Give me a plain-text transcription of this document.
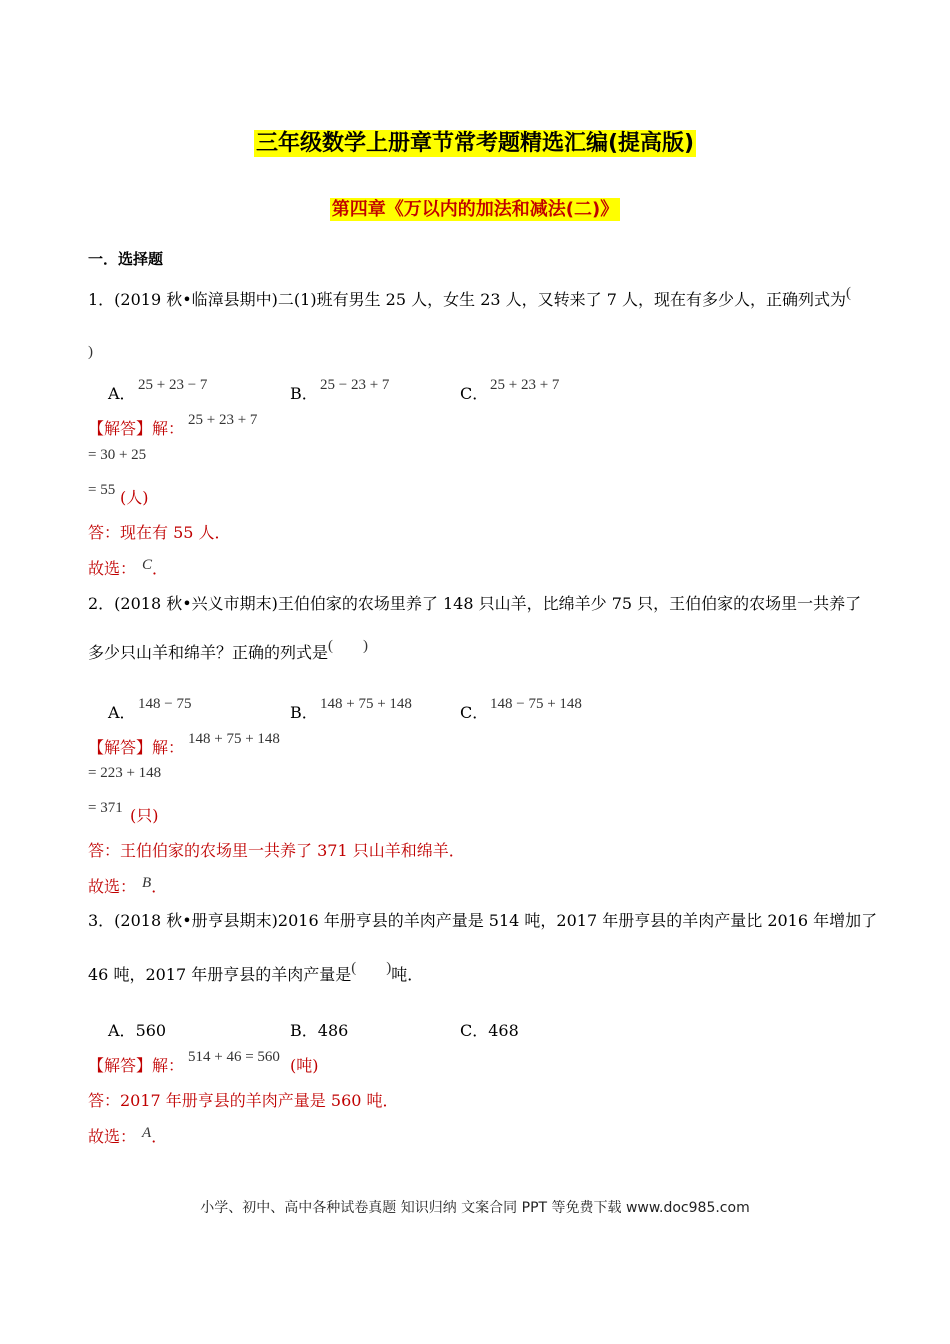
三年级数学上册章节常考题精选汇编(提高版)
第四章《万以内的加法和减法(二)》
一．选择题
1．(2019 秋•临漳县期中)二(1)班有男生 25 人，女生 23 人，又转来了 7 人，现在有多少人，正确列式为(
)
A． 25 + 23 − 7	B． 25 − 23 + 7	C． 25 + 23 + 7
【解答】解： 25 + 23 + 7
= 30 + 25
= 55 (人)
答：现在有 55 人．
故选： C．
2．(2018 秋•兴义市期末)王伯伯家的农场里养了 148 只山羊，比绵羊少 75 只，王伯伯家的农场里一共养了
多少只山羊和绵羊？正确的列式是(        )
A． 148 − 75	B． 148 + 75 + 148	C． 148 − 75 + 148
【解答】解： 148 + 75 + 148
= 223 + 148
= 371 (只)
答：王伯伯家的农场里一共养了 371 只山羊和绵羊．
故选： B．
3．(2018 秋•册亨县期末)2016 年册亨县的羊肉产量是 514 吨，2017 年册亨县的羊肉产量比 2016 年增加了
46 吨，2017 年册亨县的羊肉产量是(        )吨．
A．560	B．486	C．468
【解答】解： 514 + 46 = 560 (吨)
答：2017 年册亨县的羊肉产量是 560 吨．
故选： A．
小学、初中、高中各种试卷真题 知识归纳 文案合同 PPT 等免费下载 www.doc985.com
